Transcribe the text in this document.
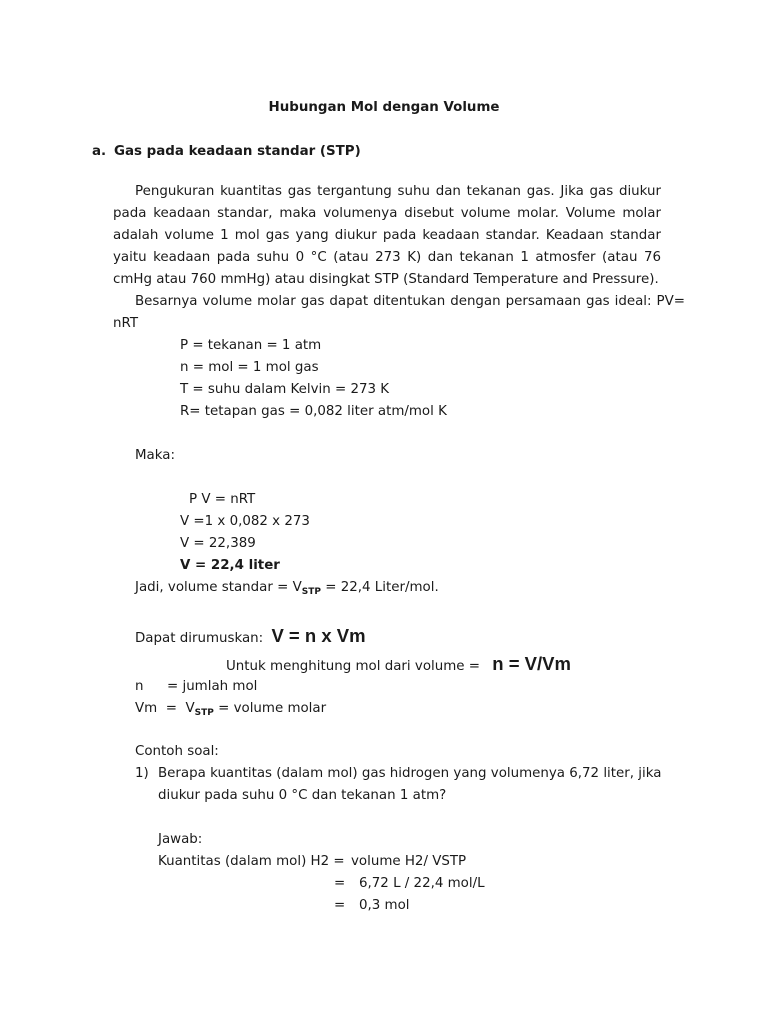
Hubungan Mol dengan Volume
a. Gas pada keadaan standar (STP)

Pengukuran kuantitas gas tergantung suhu dan tekanan gas. Jika gas diukur pada keadaan standar, maka volumenya disebut volume molar. Volume molar adalah volume 1 mol gas yang diukur pada keadaan standar. Keadaan standar yaitu keadaan pada suhu 0 °C (atau 273 K) dan tekanan 1 atmosfer (atau 76 cmHg atau 760 mmHg) atau disingkat STP (Standard Temperature and Pressure).

Besarnya volume molar gas dapat ditentukan dengan persamaan gas ideal: PV= nRT

P = tekanan = 1 atm
n = mol = 1 mol gas
T = suhu dalam Kelvin = 273 K
R= tetapan gas = 0,082 liter atm/mol K
Maka:
P V = nRT
V =1 x 0,082 x 273
V = 22,389
V = 22,4 liter
Jadi, volume standar = $V_{STP} = 22,4$ Liter/mol.
Dapat dirumuskan: V = n x Vm
Untuk menghitung mol dari volume = n = V/Vm
n = jumlah mol
$Vm = V_{STP}$ = volume molar
Contoh soal:
1) Berapa kuantitas (dalam mol) gas hidrogen yang volumenya 6,72 liter, jika
diukur pada suhu 0 °C dan tekanan 1 atm?
Jawab:
Kuantitas (dalam mol) H2 = volume H2/ VSTP
= 6,72 L / 22,4 mol/L
= 0,3 mol
